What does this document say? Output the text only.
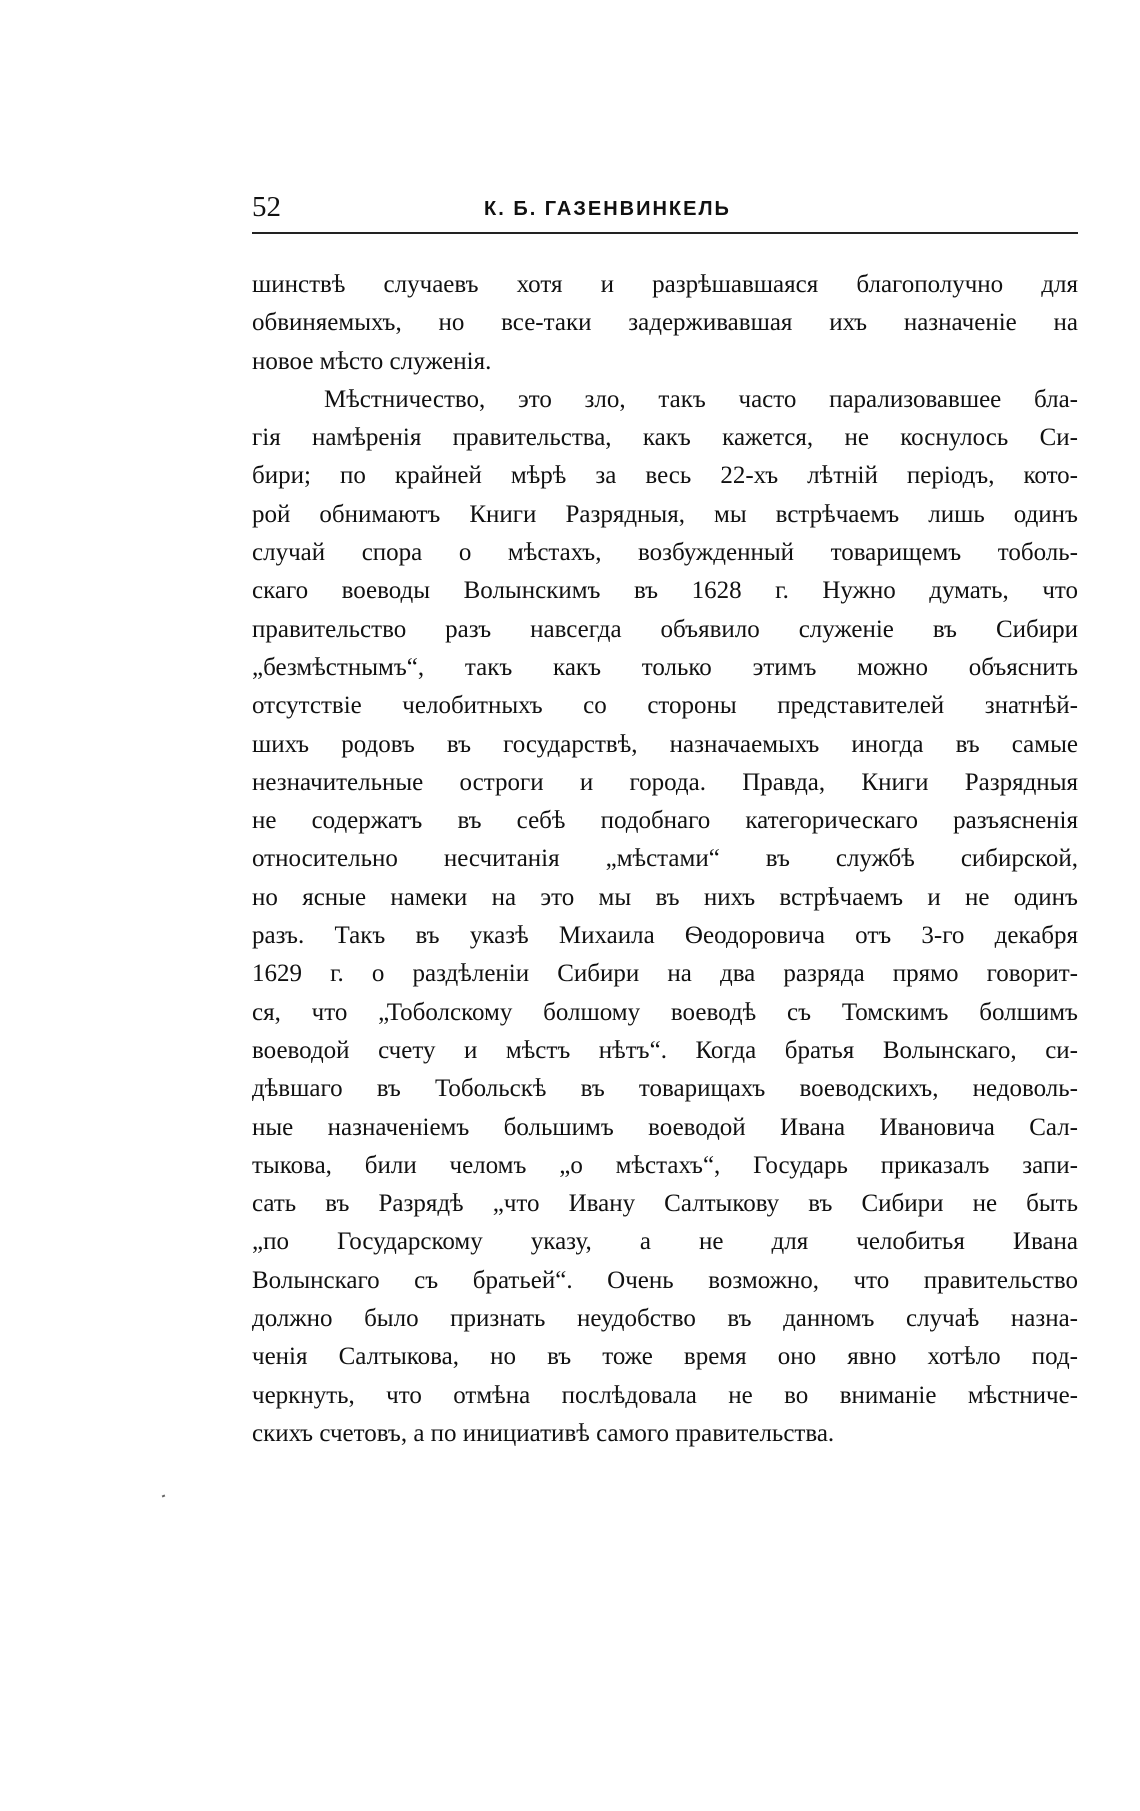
52	К. Б. ГАЗЕНВИНКЕЛЬ
шинствѣ случаевъ хотя и разрѣшавшаяся благополучно для
обвиняемыхъ, но все-таки задерживавшая ихъ назначеніе на
новое мѣсто служенія.
Мѣстничество, это зло, такъ часто парализовавшее бла-
гія намѣренія правительства, какъ кажется, не коснулось Си-
бири; по крайней мѣрѣ за весь 22-хъ лѣтній періодъ, кото-
рой обнимаютъ Книги Разрядныя, мы встрѣчаемъ лишь одинъ
случай спора о мѣстахъ, возбужденный товарищемъ тоболь-
скаго воеводы Волынскимъ въ 1628 г. Нужно думать, что
правительство разъ навсегда объявило служеніе въ Сибири
„безмѣстнымъ“, такъ какъ только этимъ можно объяснить
отсутствіе челобитныхъ со стороны представителей знатнѣй-
шихъ родовъ въ государствѣ, назначаемыхъ иногда въ самые
незначительные остроги и города. Правда, Книги Разрядныя
не содержатъ въ себѣ подобнаго категорическаго разъясненія
относительно несчитанія „мѣстами“ въ службѣ сибирской,
но ясные намеки на это мы въ нихъ встрѣчаемъ и не одинъ
разъ. Такъ въ указѣ Михаила Ѳеодоровича отъ 3-го декабря
1629 г. о раздѣленіи Сибири на два разряда прямо говорит-
ся, что „Тоболскому болшому воеводѣ съ Томскимъ болшимъ
воеводой счету и мѣстъ нѣтъ“. Когда братья Волынскаго, си-
дѣвшаго въ Тобольскѣ въ товарищахъ воеводскихъ, недоволь-
ные назначеніемъ большимъ воеводой Ивана Ивановича Сал-
тыкова, били челомъ „о мѣстахъ“, Государь приказалъ запи-
сать въ Разрядѣ „что Ивану Салтыкову въ Сибири не быть
„по Государскому указу, а не для челобитья Ивана
Волынскаго съ братьей“. Очень возможно, что правительство
должно было признать неудобство въ данномъ случаѣ назна-
ченія Салтыкова, но въ тоже время оно явно хотѣло под-
черкнуть, что отмѣна послѣдовала не во вниманіе мѣстниче-
скихъ счетовъ, а по инициативѣ самого правительства.
